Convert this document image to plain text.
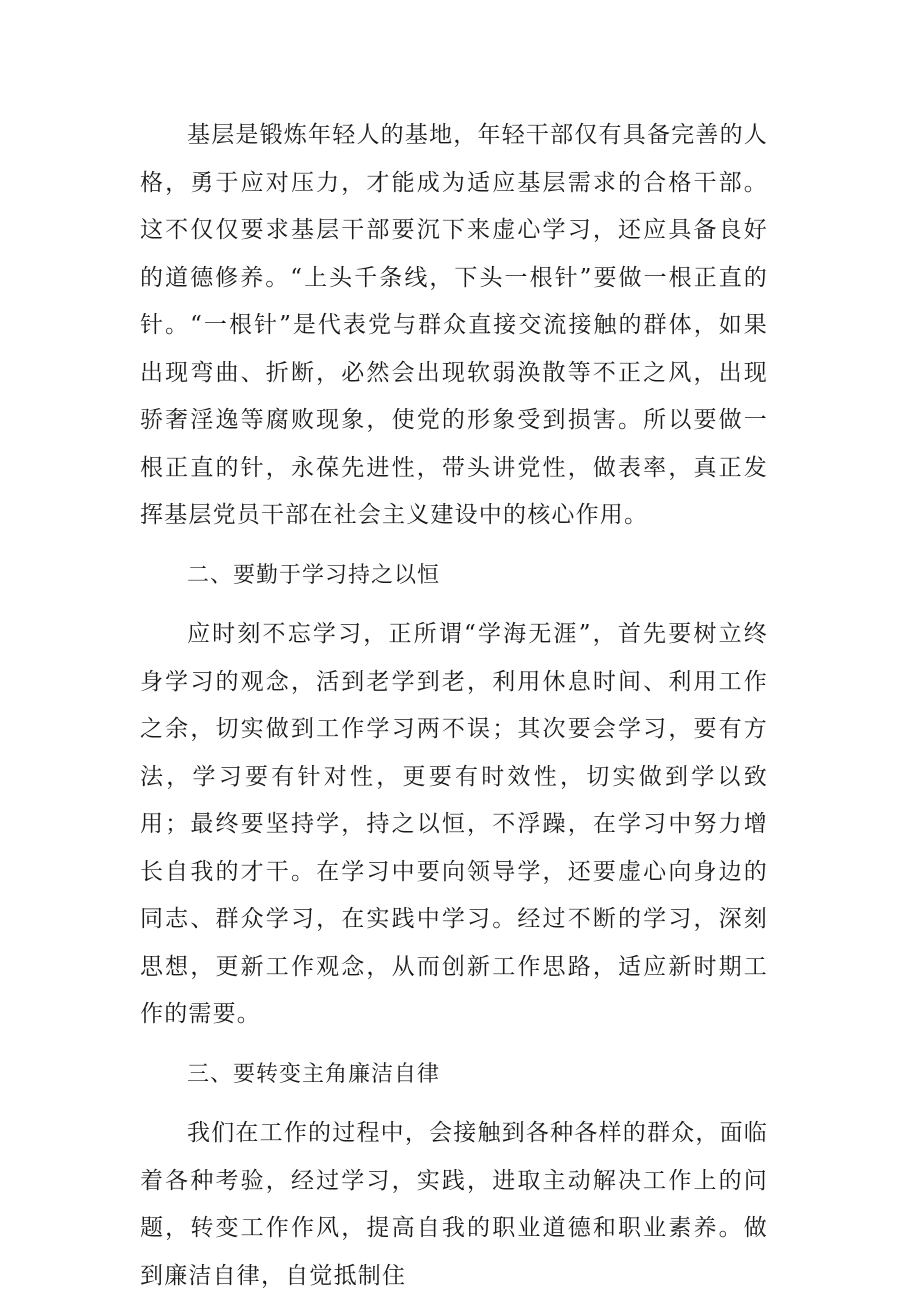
基层是锻炼年轻人的基地，年轻干部仅有具备完善的人格，勇于应对压力，才能成为适应基层需求的合格干部。这不仅仅要求基层干部要沉下来虚心学习，还应具备良好的道德修养。“上头千条线，下头一根针”要做一根正直的针。“一根针”是代表党与群众直接交流接触的群体，如果出现弯曲、折断，必然会出现软弱涣散等不正之风，出现骄奢淫逸等腐败现象，使党的形象受到损害。所以要做一根正直的针，永葆先进性，带头讲党性，做表率，真正发挥基层党员干部在社会主义建设中的核心作用。

二、要勤于学习持之以恒

应时刻不忘学习，正所谓“学海无涯”，首先要树立终身学习的观念，活到老学到老，利用休息时间、利用工作之余，切实做到工作学习两不误；其次要会学习，要有方法，学习要有针对性，更要有时效性，切实做到学以致用；最终要坚持学，持之以恒，不浮躁，在学习中努力增长自我的才干。在学习中要向领导学，还要虚心向身边的同志、群众学习，在实践中学习。经过不断的学习，深刻思想，更新工作观念，从而创新工作思路，适应新时期工作的需要。

三、要转变主角廉洁自律

我们在工作的过程中，会接触到各种各样的群众，面临着各种考验，经过学习，实践，进取主动解决工作上的问题，转变工作作风，提高自我的职业道德和职业素养。做到廉洁自律，自觉抵制住
